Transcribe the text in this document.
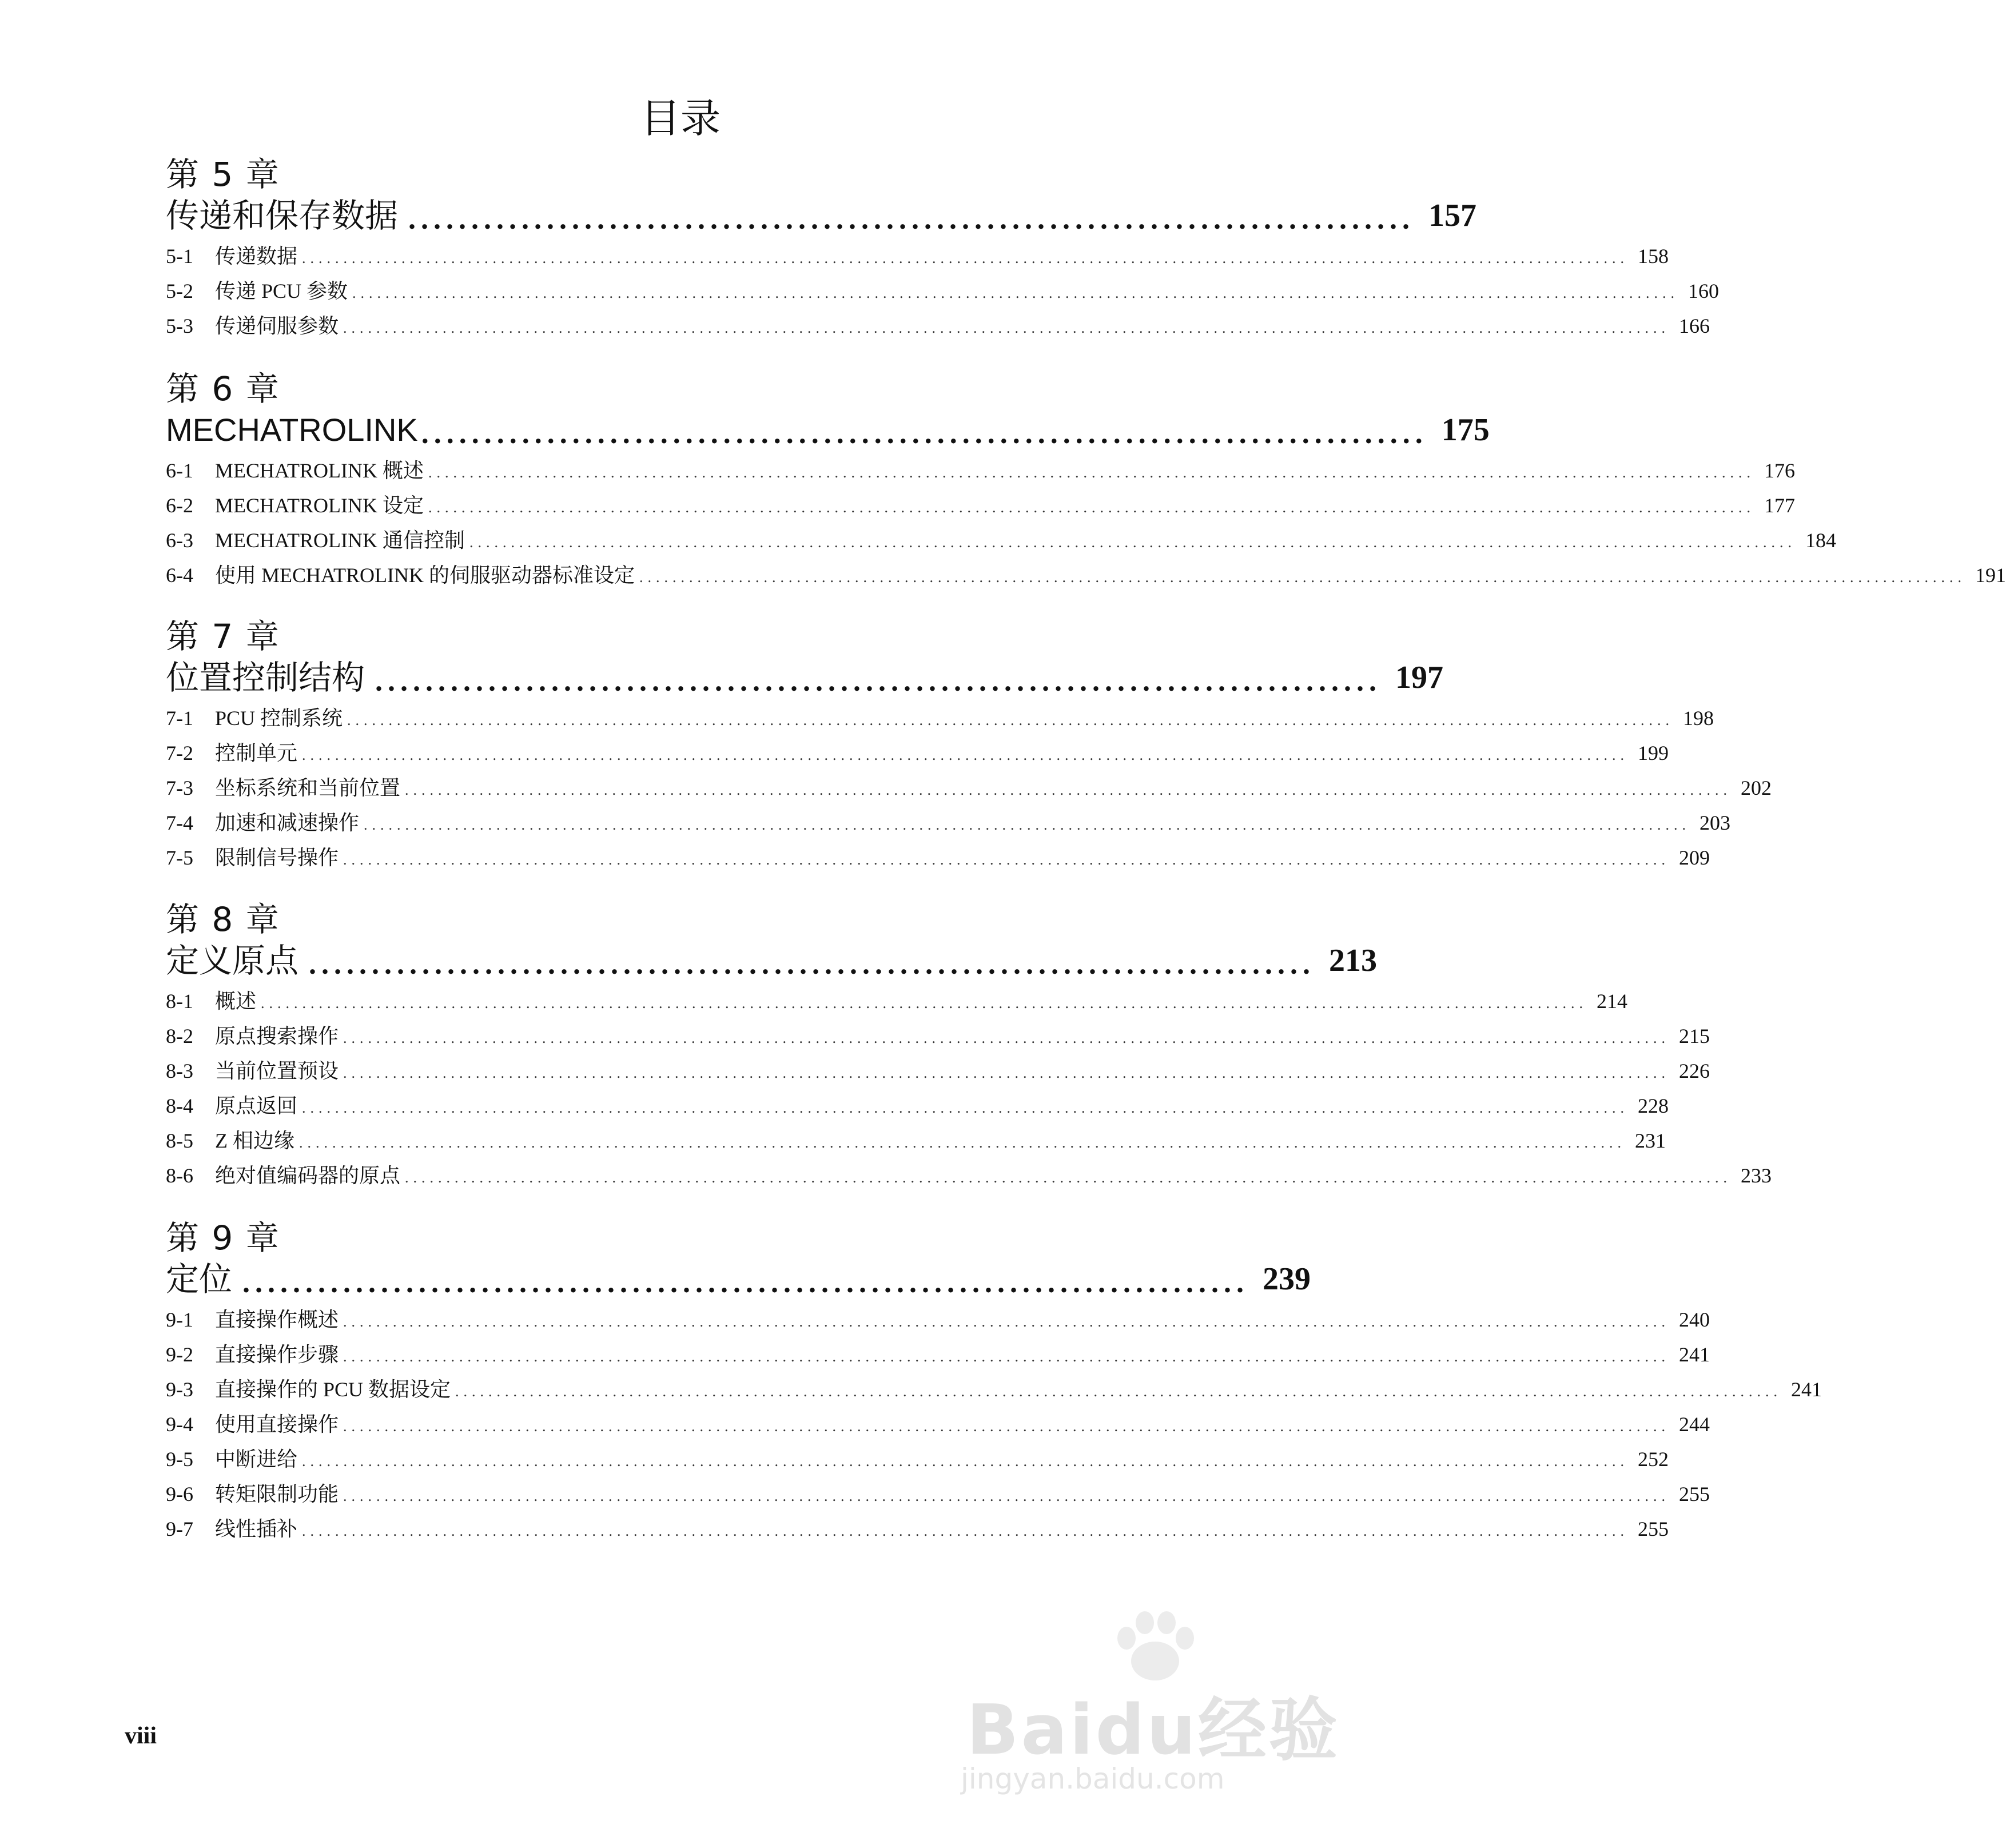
目录
第 5 章
传递和保存数据 ................................................................................ 157
5-1 传递数据 ................................................................................................................................................................ 158
5-2 传递 PCU 参数 ................................................................................................................................................................ 160
5-3 传递伺服参数 ................................................................................................................................................................ 166
第 6 章
MECHATROLINK ................................................................................ 175
6-1 MECHATROLINK 概述 ................................................................................................................................................................ 176
6-2 MECHATROLINK 设定 ................................................................................................................................................................ 177
6-3 MECHATROLINK 通信控制 ................................................................................................................................................................ 184
6-4 使用 MECHATROLINK 的伺服驱动器标准设定 ................................................................................................................................................................ 191
第 7 章
位置控制结构 ................................................................................ 197
7-1 PCU 控制系统 ................................................................................................................................................................ 198
7-2 控制单元 ................................................................................................................................................................ 199
7-3 坐标系统和当前位置 ................................................................................................................................................................ 202
7-4 加速和减速操作 ................................................................................................................................................................ 203
7-5 限制信号操作 ................................................................................................................................................................ 209
第 8 章
定义原点 ................................................................................ 213
8-1 概述 ................................................................................................................................................................ 214
8-2 原点搜索操作 ................................................................................................................................................................ 215
8-3 当前位置预设 ................................................................................................................................................................ 226
8-4 原点返回 ................................................................................................................................................................ 228
8-5 Z 相边缘 ................................................................................................................................................................ 231
8-6 绝对值编码器的原点 ................................................................................................................................................................ 233
第 9 章
定位 ................................................................................ 239
9-1 直接操作概述 ................................................................................................................................................................ 240
9-2 直接操作步骤 ................................................................................................................................................................ 241
9-3 直接操作的 PCU 数据设定 ................................................................................................................................................................ 241
9-4 使用直接操作 ................................................................................................................................................................ 244
9-5 中断进给 ................................................................................................................................................................ 252
9-6 转矩限制功能 ................................................................................................................................................................ 255
9-7 线性插补 ................................................................................................................................................................ 255
viii	Baidu经验
jingyan.baidu.com
